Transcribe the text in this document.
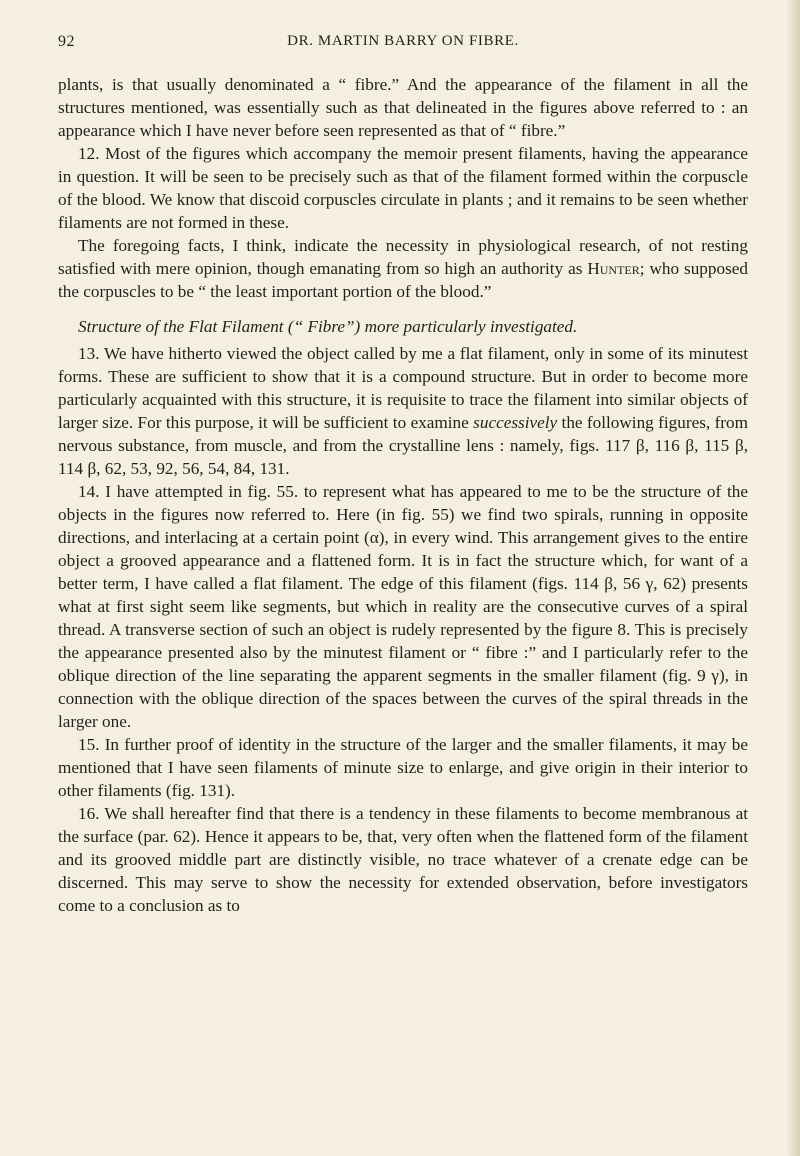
92	DR. MARTIN BARRY ON FIBRE.

plants, is that usually denominated a “ fibre.” And the appearance of the filament in all the structures mentioned, was essentially such as that delineated in the figures above referred to : an appearance which I have never before seen represented as that of “ fibre.”

12. Most of the figures which accompany the memoir present filaments, having the appearance in question. It will be seen to be precisely such as that of the filament formed within the corpuscle of the blood. We know that discoid corpuscles circulate in plants ; and it remains to be seen whether filaments are not formed in these.

The foregoing facts, I think, indicate the necessity in physiological research, of not resting satisfied with mere opinion, though emanating from so high an authority as Hunter; who supposed the corpuscles to be “ the least important portion of the blood.”

Structure of the Flat Filament (“ Fibre”) more particularly investigated.

13. We have hitherto viewed the object called by me a flat filament, only in some of its minutest forms. These are sufficient to show that it is a compound structure. But in order to become more particularly acquainted with this structure, it is requisite to trace the filament into similar objects of larger size. For this purpose, it will be sufficient to examine successively the following figures, from nervous substance, from muscle, and from the crystalline lens : namely, figs. 117 β, 116 β, 115 β, 114 β, 62, 53, 92, 56, 54, 84, 131.

14. I have attempted in fig. 55. to represent what has appeared to me to be the structure of the objects in the figures now referred to. Here (in fig. 55) we find two spirals, running in opposite directions, and interlacing at a certain point (α), in every wind. This arrangement gives to the entire object a grooved appearance and a flattened form. It is in fact the structure which, for want of a better term, I have called a flat filament. The edge of this filament (figs. 114 β, 56 γ, 62) presents what at first sight seem like segments, but which in reality are the consecutive curves of a spiral thread. A transverse section of such an object is rudely represented by the figure 8. This is precisely the appearance presented also by the minutest filament or “ fibre :” and I particularly refer to the oblique direction of the line separating the apparent segments in the smaller filament (fig. 9 γ), in connection with the oblique direction of the spaces between the curves of the spiral threads in the larger one.

15. In further proof of identity in the structure of the larger and the smaller filaments, it may be mentioned that I have seen filaments of minute size to enlarge, and give origin in their interior to other filaments (fig. 131).

16. We shall hereafter find that there is a tendency in these filaments to become membranous at the surface (par. 62). Hence it appears to be, that, very often when the flattened form of the filament and its grooved middle part are distinctly visible, no trace whatever of a crenate edge can be discerned. This may serve to show the necessity for extended observation, before investigators come to a conclusion as to
